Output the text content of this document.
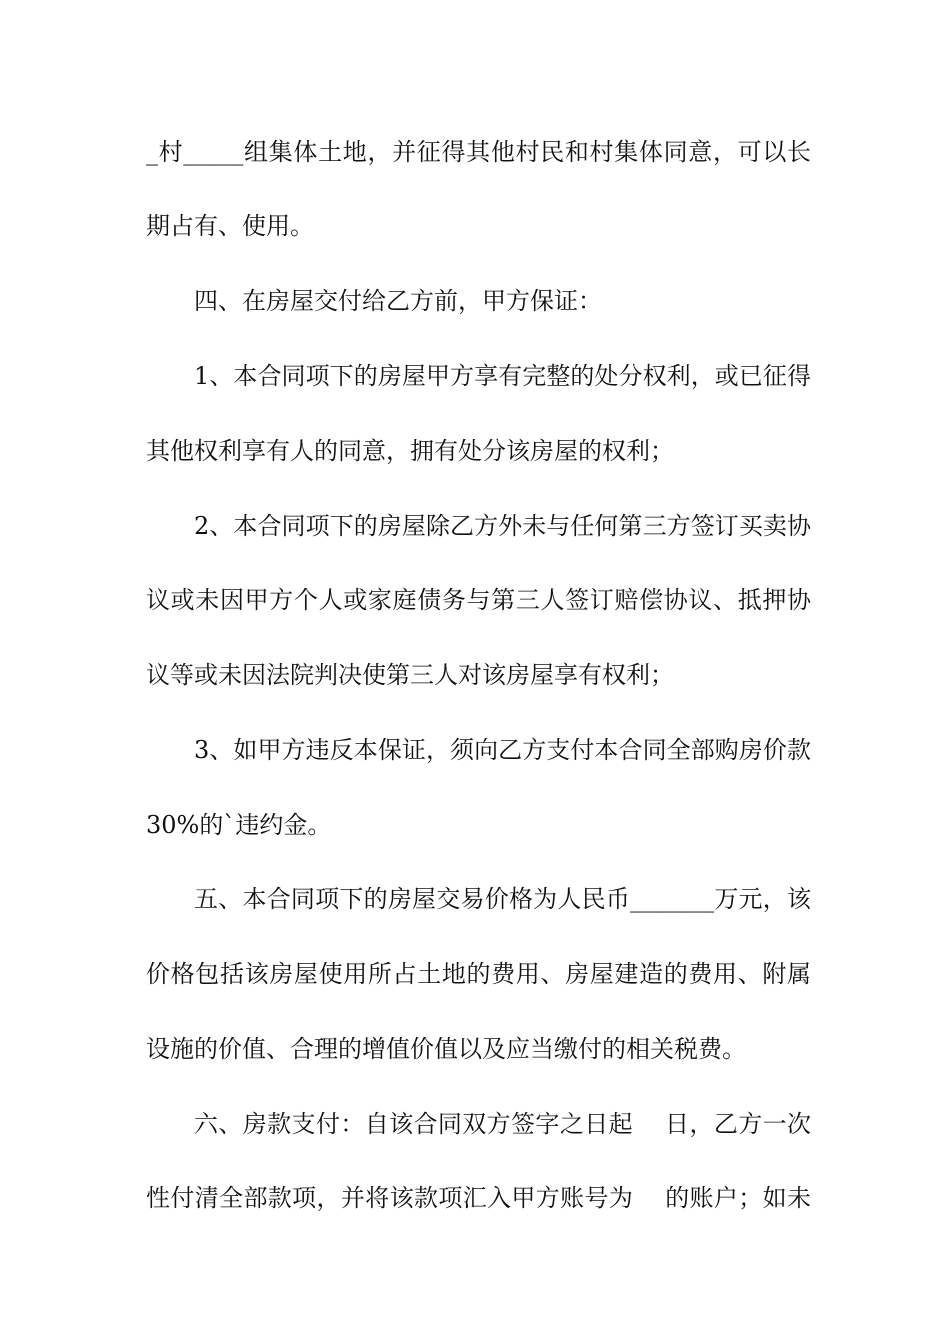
_村_____组集体土地，并征得其他村民和村集体同意，可以长
期占有、使用。
四、在房屋交付给乙方前，甲方保证：
1、本合同项下的房屋甲方享有完整的处分权利，或已征得
其他权利享有人的同意，拥有处分该房屋的权利；
2、本合同项下的房屋除乙方外未与任何第三方签订买卖协
议或未因甲方个人或家庭债务与第三人签订赔偿协议、抵押协
议等或未因法院判决使第三人对该房屋享有权利；
3、如甲方违反本保证，须向乙方支付本合同全部购房价款
30%的`违约金。
五、本合同项下的房屋交易价格为人民币_______万元，该
价格包括该房屋使用所占土地的费用、房屋建造的费用、附属
设施的价值、合理的增值价值以及应当缴付的相关税费。
六、房款支付：自该合同双方签字之日起    日，乙方一次
性付清全部款项，并将该款项汇入甲方账号为    的账户；如未
